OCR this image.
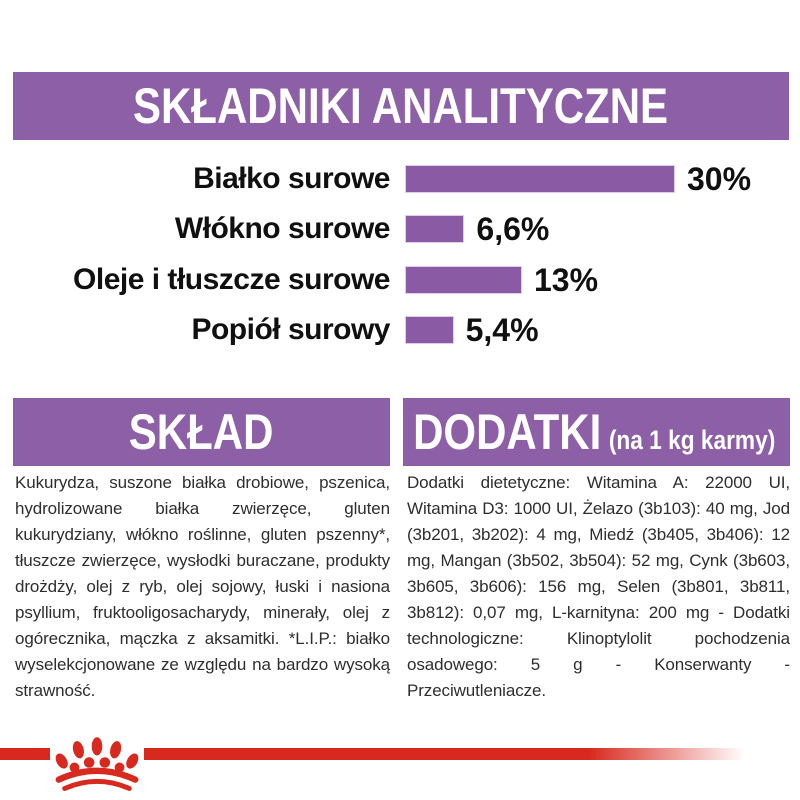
SKŁADNIKI ANALITYCZNE
Białko surowe	30%
Włókno surowe	6,6%
Oleje i tłuszcze surowe	13%
Popiół surowy 5,4%
SKŁAD
Kukurydza, suszone białka drobiowe, pszenica, hydrolizowane białka zwierzęce, gluten kukurydziany, włókno roślinne, gluten pszenny*, tłuszcze zwierzęce, wysłodki buraczane, produkty drożdży, olej z ryb, olej sojowy, łuski i nasiona psyllium, fruktooligosacharydy, minerały, olej z ogórecznika, mączka z aksamitki. *L.I.P.: białko wyselekcjonowane ze względu na bardzo wysoką strawność.
DODATKI (na 1 kg karmy)
Dodatki dietetyczne: Witamina A: 22000 UI, Witamina D3: 1000 UI, Żelazo (3b103): 40 mg, Jod (3b201, 3b202): 4 mg, Miedź (3b405, 3b406): 12 mg, Mangan (3b502, 3b504): 52 mg, Cynk (3b603, 3b605, 3b606): 156 mg, Selen (3b801, 3b811, 3b812): 0,07 mg, L-karnityna: 200 mg - Dodatki technologiczne: Klinoptylolit pochodzenia osadowego: 5 g - Konserwanty - Przeciwutleniacze.
